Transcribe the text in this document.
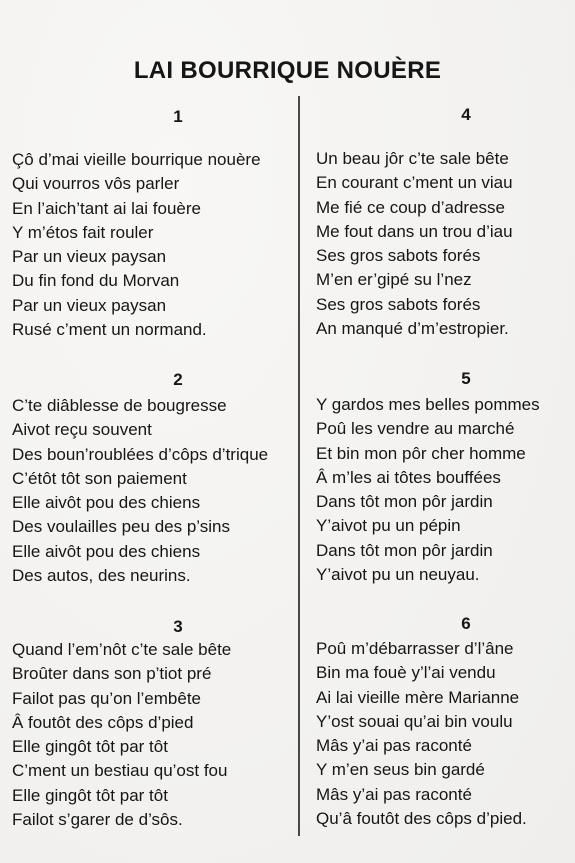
LAI BOURRIQUE NOUÈRE
1
Çô d’mai vieille bourrique nouère
Qui vourros vôs parler
En l’aich’tant ai lai fouère
Y m’étos fait rouler
Par un vieux paysan
Du fin fond du Morvan
Par un vieux paysan
Rusé c’ment un normand.
2
C’te diâblesse de bougresse
Aivot reçu souvent
Des boun’roublées d’côps d’trique
C’étôt tôt son paiement
Elle aivôt pou des chiens
Des voulailles peu des p’sins
Elle aivôt pou des chiens
Des autos, des neurins.
3
Quand l’em’nôt c’te sale bête
Broûter dans son p’tiot pré
Failot pas qu’on l’embête
Â foutôt des côps d’pied
Elle gingôt tôt par tôt
C’ment un bestiau qu’ost fou
Elle gingôt tôt par tôt
Failot s’garer de d’sôs.
4
Un beau jôr c’te sale bête
En courant c’ment un viau
Me fié ce coup d’adresse
Me fout dans un trou d’iau
Ses gros sabots forés
M’en er’gipé su l’nez
Ses gros sabots forés
An manqué d’m’estropier.
5
Y gardos mes belles pommes
Poû les vendre au marché
Et bin mon pôr cher homme
Â m’les ai tôtes bouffées
Dans tôt mon pôr jardin
Y’aivot pu un pépin
Dans tôt mon pôr jardin
Y’aivot pu un neuyau.
6
Poû m’débarrasser d’l’âne
Bin ma fouè y’l’ai vendu
Ai lai vieille mère Marianne
Y’ost souai qu’ai bin voulu
Mâs y’ai pas raconté
Y m’en seus bin gardé
Mâs y’ai pas raconté
Qu’â foutôt des côps d’pied.
